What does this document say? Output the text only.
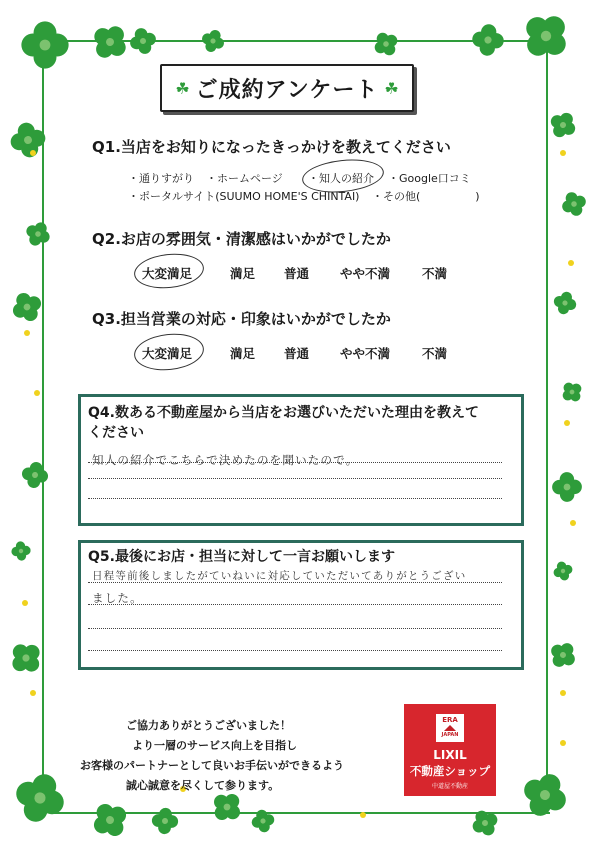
☘ ご成約アンケート ☘
Q1.当店をお知りになったきっかけを教えてください
・通りすがり ・ホームページ ・知人の紹介 ・Google口コミ
・ポータルサイト(SUUMO HOME'S CHINTAI) ・その他(　　　　　)
Q2.お店の雰囲気・清潔感はいかがでしたか
大変満足	満足 普通 やや不満	不満
Q3.担当営業の対応・印象はいかがでしたか
大変満足	満足 普通 やや不満	不満
Q4.数ある不動産屋から当店をお選びいただいた理由を教えて
ください
知人の紹介でこちらで決めたのを聞いたので。
Q5.最後にお店・担当に対して一言お願いします
日程等前後しましたがていねいに対応していただいてありがとうござい
ました。
ご協力ありがとうございました！
より一層のサービス向上を目指し
お客様のパートナーとして良いお手伝いができるよう
誠心誠意を尽くして参ります。
ERA
JAPAN
LIXIL
不動産ショップ
中道屋不動産
